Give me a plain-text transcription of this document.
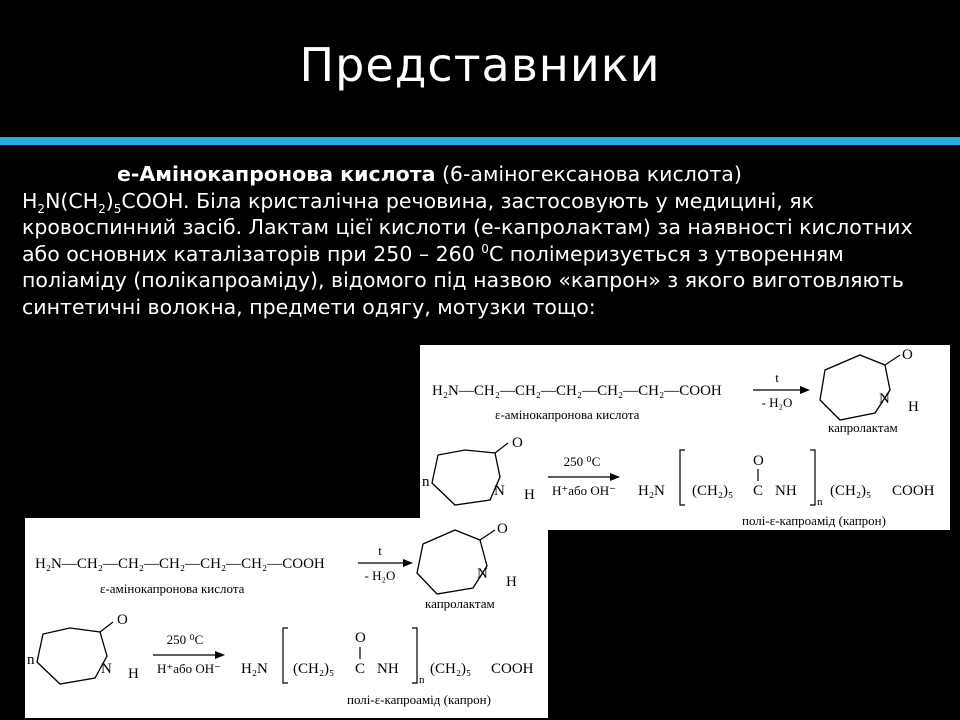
Представники
е-Амінокапронова кислота (6-аміногексанова кислота)
$H_2N(CH_2)_5COOH$. Біла кристалічна речовина, застосовують у медицині, як кровоспинний засіб. Лактам цієї кислоти (е-капролактам) за наявності кислотних або основних каталізаторів при 250 – 260 $^0$С полімеризується з утворенням поліаміду (полікапроаміду), відомого під назвою «капрон» з якого виготовляють синтетичні волокна, предмети одягу, мотузки тощо:
H₂N—CH₂—CH₂—CH₂—CH₂—CH₂—COOH
ε-амінокапронова кислота
t
- H₂O
O
N H
капролактам
O
N H
n
250 ⁰C
H⁺або OH⁻ H₂N (CH₂)₅ C
O
NH
n
(CH₂)₅ COOH
полі-ε-капроамід (капрон)
H₂N—CH₂—CH₂—CH₂—CH₂—CH₂—COOH
ε-амінокапронова кислота
t
- H₂O
O
N H
капролактам
O
N H
n
250 ⁰C
H⁺або OH⁻ H₂N (CH₂)₅ C
O
NH
n
(CH₂)₅ COOH
полі-ε-капроамід (капрон)
